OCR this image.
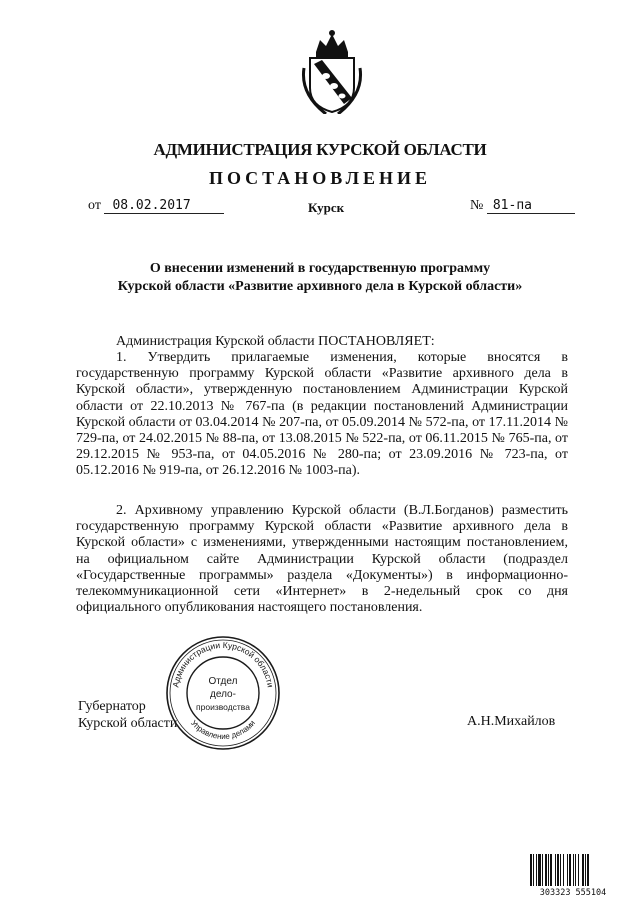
АДМИНИСТРАЦИЯ КУРСКОЙ ОБЛАСТИ
ПОСТАНОВЛЕНИЕ
от 08.02.2017	Курск	№ 81-па
О внесении изменений в государственную программу
Курской области «Развитие архивного дела в Курской области»
Администрация Курской области ПОСТАНОВЛЯЕТ:
1. Утвердить прилагаемые изменения, которые вносятся в государственную программу Курской области «Развитие архивного дела в Курской области», утвержденную постановлением Администрации Курской области от 22.10.2013 № 767-па (в редакции постановлений Администрации Курской области от 03.04.2014 № 207-па, от 05.09.2014 № 572-па, от 17.11.2014 № 729-па, от 24.02.2015 № 88-па, от 13.08.2015 № 522-па, от 06.11.2015 № 765-па, от 29.12.2015 № 953-па, от 04.05.2016 № 280-па; от 23.09.2016 № 723-па, от 05.12.2016 № 919-па, от 26.12.2016 № 1003-па).
2. Архивному управлению Курской области (В.Л.Богданов) разместить государственную программу Курской области «Развитие архивного дела в Курской области» с изменениями, утвержденными настоящим постановлением, на официальном сайте Администрации Курской области (подраздел «Государственные программы» раздела «Документы») в информационно-телекоммуникационной сети «Интернет» в 2-недельный срок со дня официального опубликования настоящего постановления.
Губернатор
Курской области	А.Н.Михайлов
Администрации Курской области
Управление делами
Отдел
дело-
производства
303323 555104
